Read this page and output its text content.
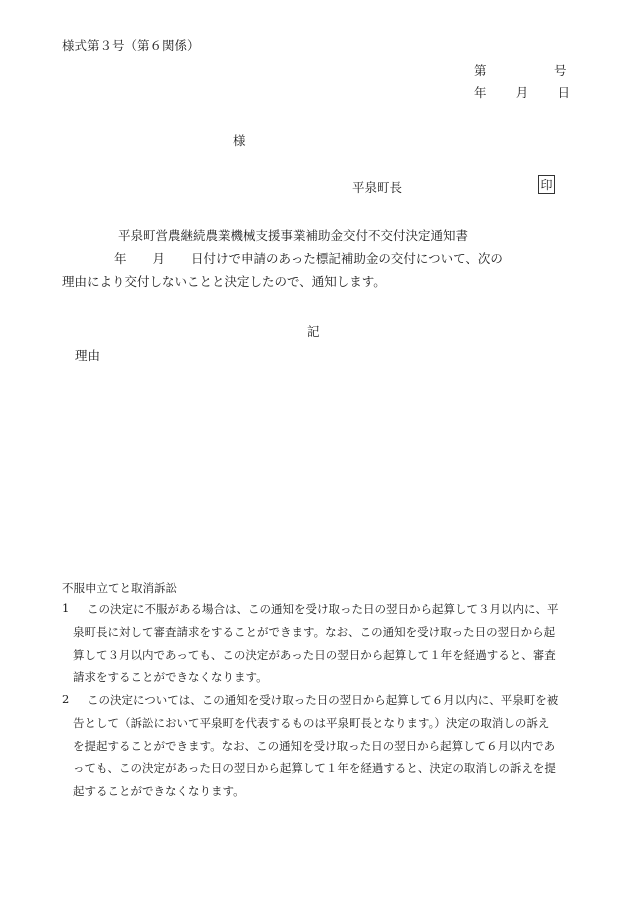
様式第３号（第６関係）
第	号
年 月 日
様
平泉町長	印
平泉町営農継続農業機械支援事業補助金交付不交付決定通知書
年 月 日付けで申請のあった標記補助金の交付について、次の
理由により交付しないことと決定したので、通知します。
記
理由
不服申立てと取消訴訟
1	この決定に不服がある場合は、この通知を受け取った日の翌日から起算して３月以内に、平
泉町長に対して審査請求をすることができます。なお、この通知を受け取った日の翌日から起
算して３月以内であっても、この決定があった日の翌日から起算して１年を経過すると、審査
請求をすることができなくなります。
2	この決定については、この通知を受け取った日の翌日から起算して６月以内に、平泉町を被
告として（訴訟において平泉町を代表するものは平泉町長となります。）決定の取消しの訴え
を提起することができます。なお、この通知を受け取った日の翌日から起算して６月以内であ
っても、この決定があった日の翌日から起算して１年を経過すると、決定の取消しの訴えを提
起することができなくなります。
